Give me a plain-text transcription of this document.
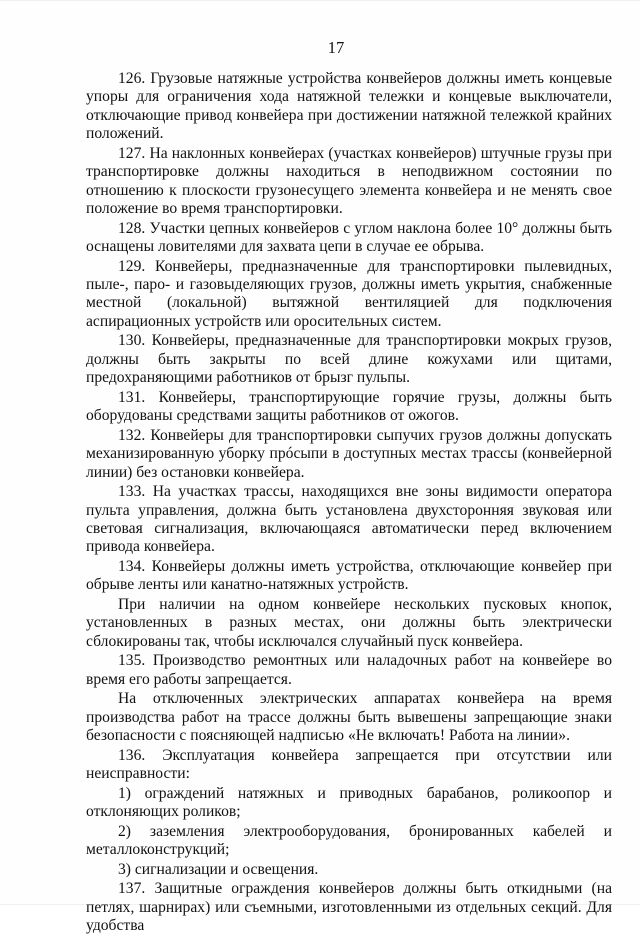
17

126. Грузовые натяжные устройства конвейеров должны иметь концевые упоры для ограничения хода натяжной тележки и концевые выключатели, отключающие привод конвейера при достижении натяжной тележкой крайних положений.

127. На наклонных конвейерах (участках конвейеров) штучные грузы при транспортировке должны находиться в неподвижном состоянии по отношению к плоскости грузонесущего элемента конвейера и не менять свое положение во время транспортировки.

128. Участки цепных конвейеров с углом наклона более 10° должны быть оснащены ловителями для захвата цепи в случае ее обрыва.

129. Конвейеры, предназначенные для транспортировки пылевидных, пыле-, паро- и газовыделяющих грузов, должны иметь укрытия, снабженные местной (локальной) вытяжной вентиляцией для подключения аспирационных устройств или оросительных систем.

130. Конвейеры, предназначенные для транспортировки мокрых грузов, должны быть закрыты по всей длине кожухами или щитами, предохраняющими работников от брызг пульпы.

131. Конвейеры, транспортирующие горячие грузы, должны быть оборудованы средствами защиты работников от ожогов.

132. Конвейеры для транспортировки сыпучих грузов должны допускать механизированную уборку прóсыпи в доступных местах трассы (конвейерной линии) без остановки конвейера.

133. На участках трассы, находящихся вне зоны видимости оператора пульта управления, должна быть установлена двухсторонняя звуковая или световая сигнализация, включающаяся автоматически перед включением привода конвейера.

134. Конвейеры должны иметь устройства, отключающие конвейер при обрыве ленты или канатно-натяжных устройств.

При наличии на одном конвейере нескольких пусковых кнопок, установленных в разных местах, они должны быть электрически сблокированы так, чтобы исключался случайный пуск конвейера.

135. Производство ремонтных или наладочных работ на конвейере во время его работы запрещается.

На отключенных электрических аппаратах конвейера на время производства работ на трассе должны быть вывешены запрещающие знаки безопасности с поясняющей надписью «Не включать! Работа на линии».

136. Эксплуатация конвейера запрещается при отсутствии или неисправности:

1) ограждений натяжных и приводных барабанов, роликоопор и отклоняющих роликов;

2) заземления электрооборудования, бронированных кабелей и металлоконструкций;

3) сигнализации и освещения.

137. Защитные ограждения конвейеров должны быть откидными (на петлях, шарнирах) или съемными, изготовленными из отдельных секций. Для удобства
